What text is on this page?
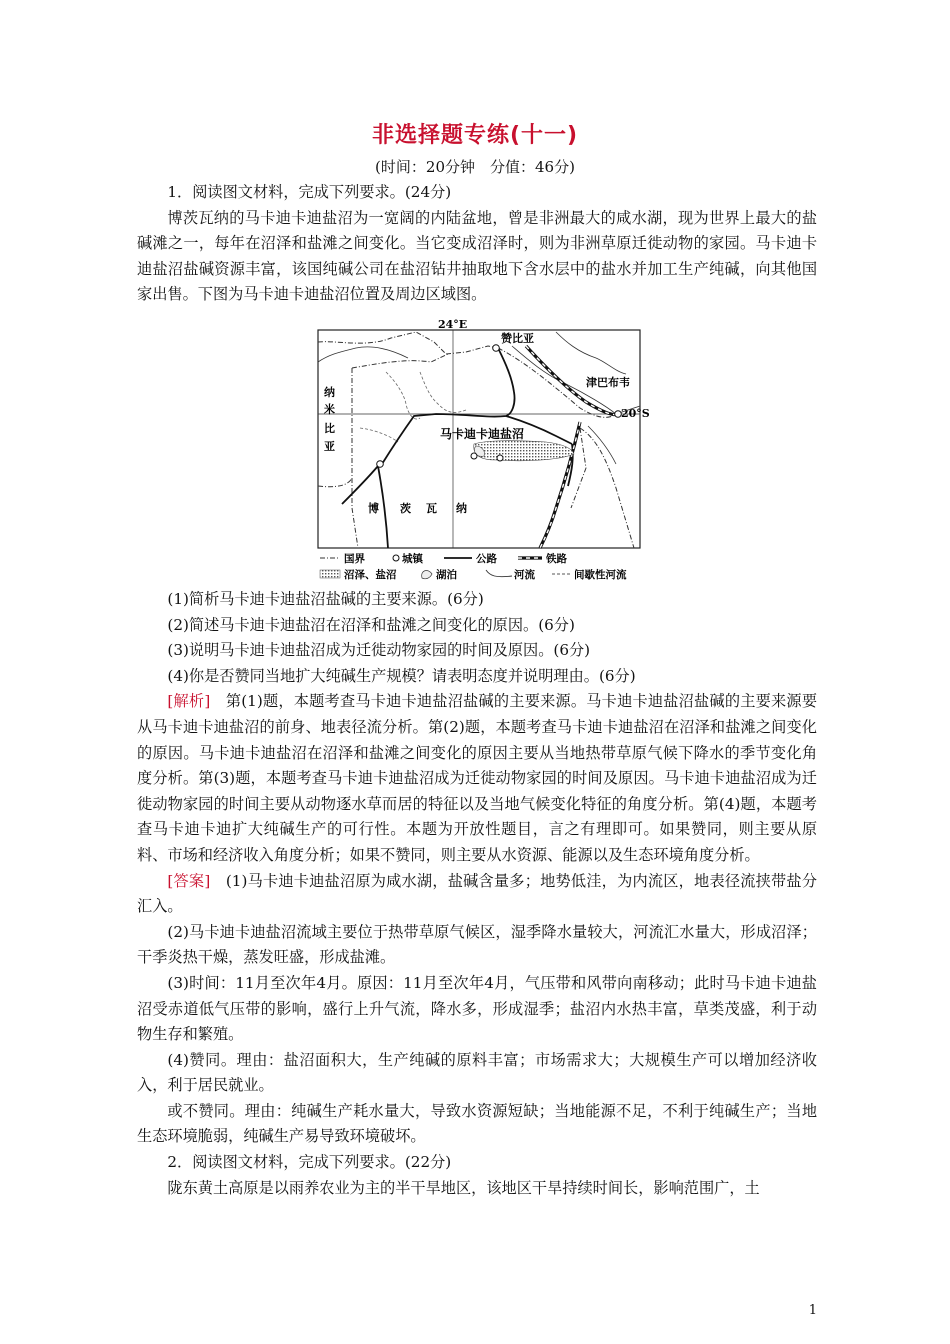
非选择题专练(十一)
(时间：20分钟　分值：46分)

1．阅读图文材料，完成下列要求。(24分)

博茨瓦纳的马卡迪卡迪盐沼为一宽阔的内陆盆地，曾是非洲最大的咸水湖，现为世界上最大的盐碱滩之一，每年在沼泽和盐滩之间变化。当它变成沼泽时，则为非洲草原迁徙动物的家园。马卡迪卡迪盐沼盐碱资源丰富，该国纯碱公司在盐沼钻井抽取地下含水层中的盐水并加工生产纯碱，向其他国家出售。下图为马卡迪卡迪盐沼位置及周边区域图。

24°E
20°S
赞比亚
津巴布韦
纳
米
比
亚
马卡迪卡迪盐沼
博 茨 瓦 纳
国界	城镇	公路	铁路
沼泽、盐沼	湖泊	河流	间歇性河流

(1)简析马卡迪卡迪盐沼盐碱的主要来源。(6分)

(2)简述马卡迪卡迪盐沼在沼泽和盐滩之间变化的原因。(6分)

(3)说明马卡迪卡迪盐沼成为迁徙动物家园的时间及原因。(6分)

(4)你是否赞同当地扩大纯碱生产规模？请表明态度并说明理由。(6分)

[解析]　 第(1)题，本题考查马卡迪卡迪盐沼盐碱的主要来源。马卡迪卡迪盐沼盐碱的主要来源要从马卡迪卡迪盐沼的前身、地表径流分析。第(2)题，本题考查马卡迪卡迪盐沼在沼泽和盐滩之间变化的原因。马卡迪卡迪盐沼在沼泽和盐滩之间变化的原因主要从当地热带草原气候下降水的季节变化角度分析。第(3)题，本题考查马卡迪卡迪盐沼成为迁徙动物家园的时间及原因。马卡迪卡迪盐沼成为迁徙动物家园的时间主要从动物逐水草而居的特征以及当地气候变化特征的角度分析。第(4)题，本题考查马卡迪卡迪扩大纯碱生产的可行性。本题为开放性题目，言之有理即可。如果赞同，则主要从原料、市场和经济收入角度分析；如果不赞同，则主要从水资源、能源以及生态环境角度分析。

[答案]　 (1)马卡迪卡迪盐沼原为咸水湖，盐碱含量多；地势低洼，为内流区，地表径流挟带盐分汇入。

(2)马卡迪卡迪盐沼流域主要位于热带草原气候区，湿季降水量较大，河流汇水量大，形成沼泽；干季炎热干燥，蒸发旺盛，形成盐滩。

(3)时间：11月至次年4月。原因：11月至次年4月，气压带和风带向南移动；此时马卡迪卡迪盐沼受赤道低气压带的影响，盛行上升气流，降水多，形成湿季；盐沼内水热丰富，草类茂盛，利于动物生存和繁殖。

(4)赞同。理由：盐沼面积大，生产纯碱的原料丰富；市场需求大；大规模生产可以增加经济收入，利于居民就业。

或不赞同。理由：纯碱生产耗水量大，导致水资源短缺；当地能源不足，不利于纯碱生产；当地生态环境脆弱，纯碱生产易导致环境破坏。

2．阅读图文材料，完成下列要求。(22分)

陇东黄土高原是以雨养农业为主的半干旱地区，该地区干旱持续时间长，影响范围广，土

1
